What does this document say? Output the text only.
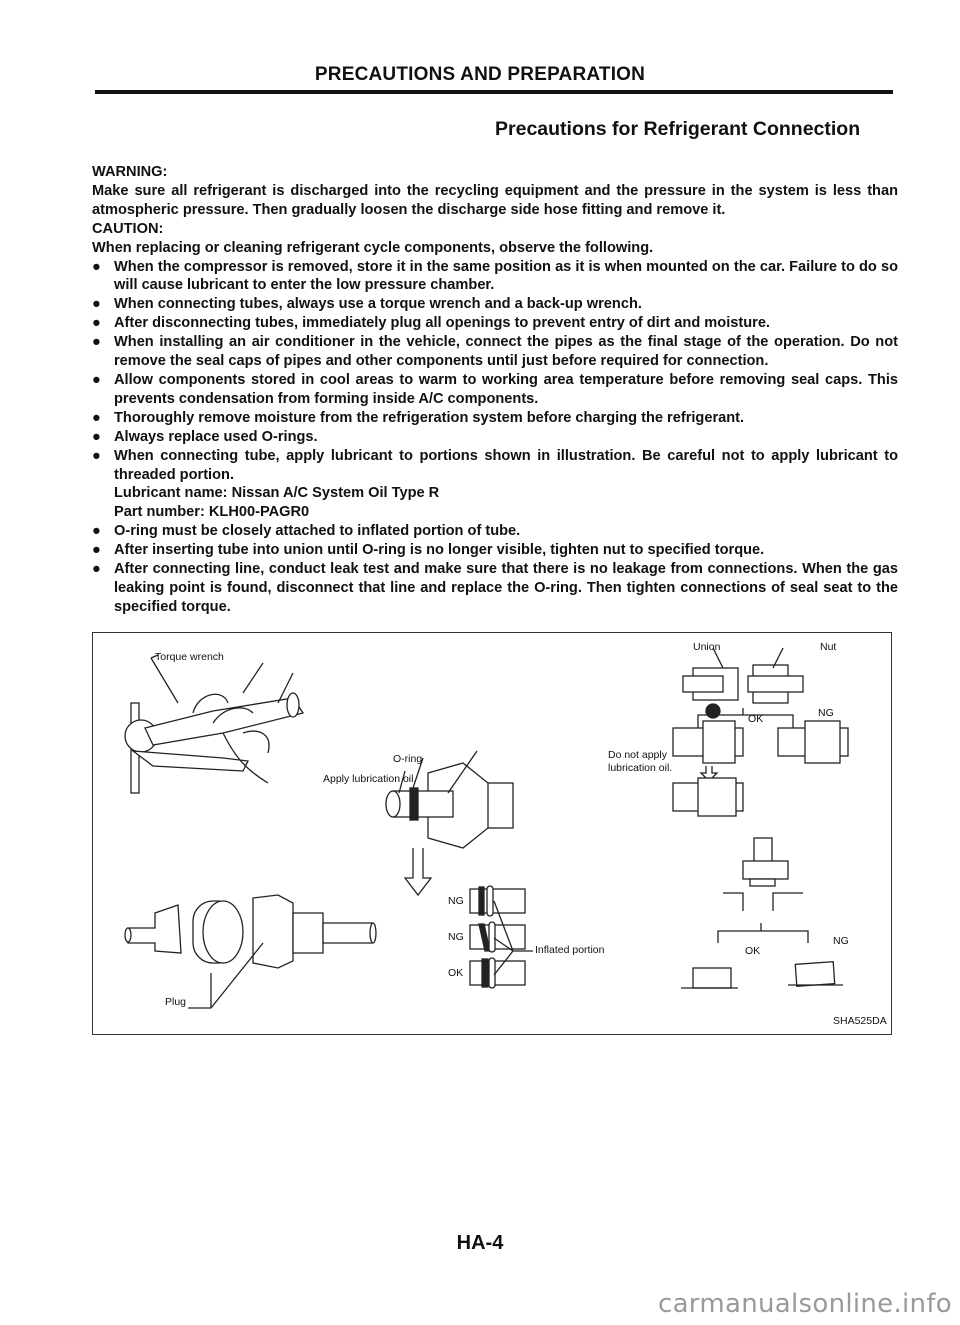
PRECAUTIONS AND PREPARATION
Precautions for Refrigerant Connection

WARNING:

Make sure all refrigerant is discharged into the recycling equipment and the pressure in the system is less than atmospheric pressure. Then gradually loosen the discharge side hose fitting and remove it.

CAUTION:

When replacing or cleaning refrigerant cycle components, observe the following.

● When the compressor is removed, store it in the same position as it is when mounted on the car. Failure to do so will cause lubricant to enter the low pressure chamber.

● When connecting tubes, always use a torque wrench and a back-up wrench.

● After disconnecting tubes, immediately plug all openings to prevent entry of dirt and moisture.

● When installing an air conditioner in the vehicle, connect the pipes as the final stage of the operation. Do not remove the seal caps of pipes and other components until just before required for connection.

● Allow components stored in cool areas to warm to working area temperature before removing seal caps. This prevents condensation from forming inside A/C components.

● Thoroughly remove moisture from the refrigeration system before charging the refrigerant.

● Always replace used O-rings.

● When connecting tube, apply lubricant to portions shown in illustration. Be careful not to apply lubricant to threaded portion.

Lubricant name: Nissan A/C System Oil Type R

Part number: KLH00-PAGR0

● O-ring must be closely attached to inflated portion of tube.

● After inserting tube into union until O-ring is no longer visible, tighten nut to specified torque.

● After connecting line, conduct leak test and make sure that there is no leakage from connections. When the gas leaking point is found, disconnect that line and replace the O-ring. Then tighten connections of seal seat to the specified torque.

Torque wrench
O-ring
Apply lubrication oil.
Do not apply
lubrication oil.
NG
NG
OK
Inflated portion
Plug
Union	Nut
OK	NG
OK
NG
SHA525DA
HA-4
carmanualsonline.info
